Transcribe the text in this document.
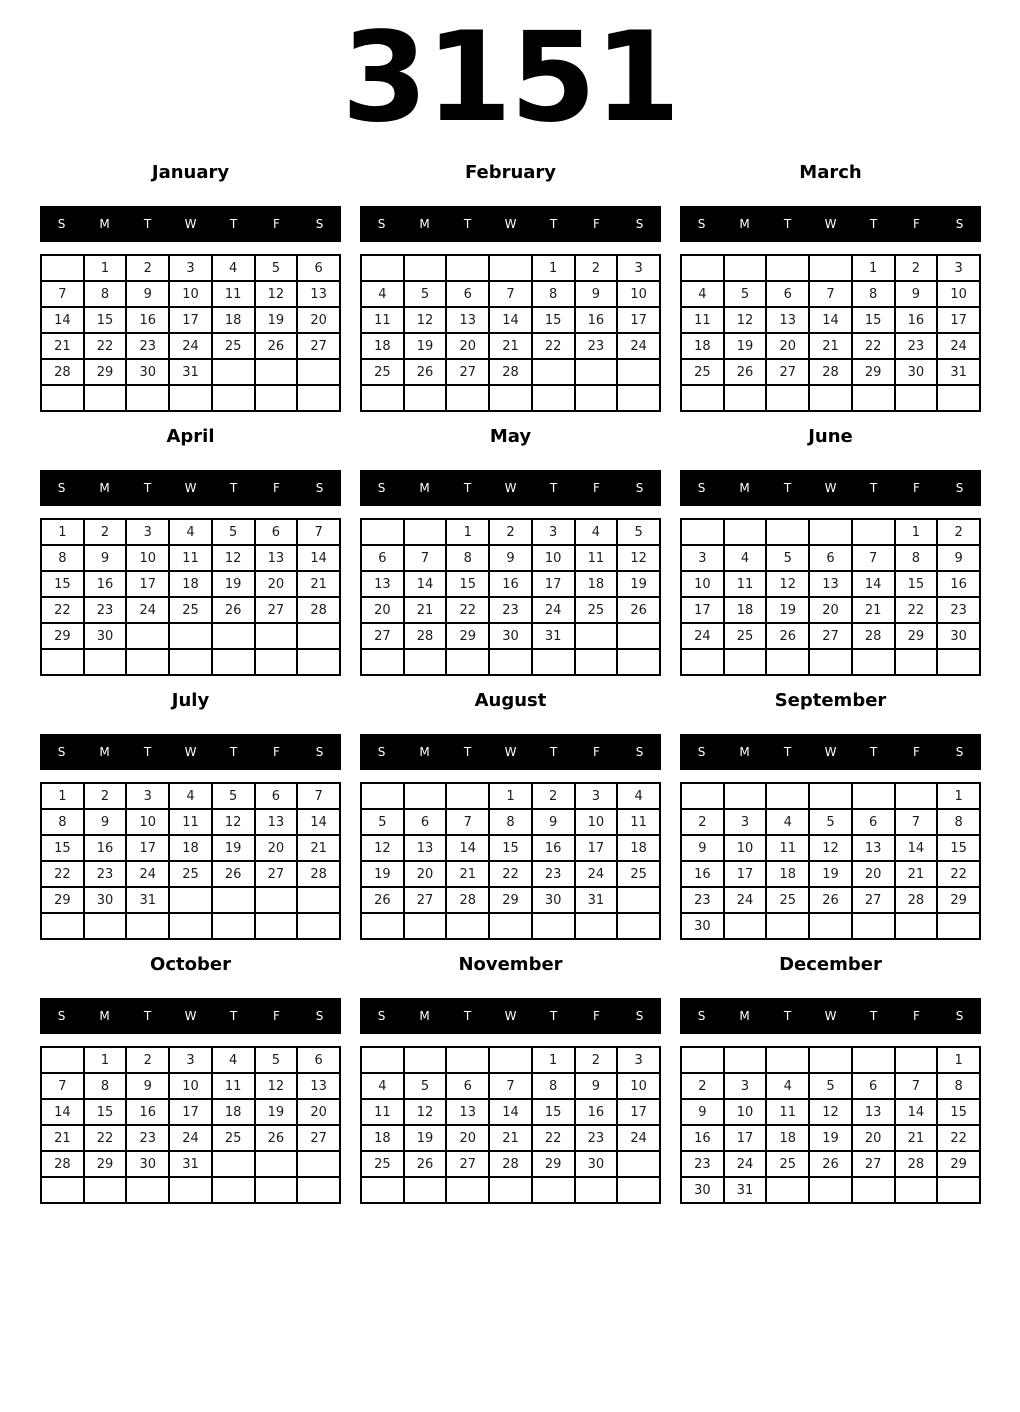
3151
January
S	M	T	W	T	F	S
	1	2	3	4	5	6
7	8	9	10	11	12	13
14	15	16	17	18	19	20
21	22	23	24	25	26	27
28	29	30	31			

February
S	M	T	W	T	F	S
				1	2	3
4	5	6	7	8	9	10
11	12	13	14	15	16	17
18	19	20	21	22	23	24
25	26	27	28			

March
S	M	T	W	T	F	S
				1	2	3
4	5	6	7	8	9	10
11	12	13	14	15	16	17
18	19	20	21	22	23	24
25	26	27	28	29	30	31

April
S	M	T	W	T	F	S
1	2	3	4	5	6	7
8	9	10	11	12	13	14
15	16	17	18	19	20	21
22	23	24	25	26	27	28
29	30					

May
S	M	T	W	T	F	S
		1	2	3	4	5
6	7	8	9	10	11	12
13	14	15	16	17	18	19
20	21	22	23	24	25	26
27	28	29	30	31		

June
S	M	T	W	T	F	S
					1	2
3	4	5	6	7	8	9
10	11	12	13	14	15	16
17	18	19	20	21	22	23
24	25	26	27	28	29	30

July
S	M	T	W	T	F	S
1	2	3	4	5	6	7
8	9	10	11	12	13	14
15	16	17	18	19	20	21
22	23	24	25	26	27	28
29	30	31				

August
S	M	T	W	T	F	S
			1	2	3	4
5	6	7	8	9	10	11
12	13	14	15	16	17	18
19	20	21	22	23	24	25
26	27	28	29	30	31	

September
S	M	T	W	T	F	S
						1
2	3	4	5	6	7	8
9	10	11	12	13	14	15
16	17	18	19	20	21	22
23	24	25	26	27	28	29
30						
October
S	M	T	W	T	F	S
	1	2	3	4	5	6
7	8	9	10	11	12	13
14	15	16	17	18	19	20
21	22	23	24	25	26	27
28	29	30	31			

November
S	M	T	W	T	F	S
				1	2	3
4	5	6	7	8	9	10
11	12	13	14	15	16	17
18	19	20	21	22	23	24
25	26	27	28	29	30	

December
S	M	T	W	T	F	S
						1
2	3	4	5	6	7	8
9	10	11	12	13	14	15
16	17	18	19	20	21	22
23	24	25	26	27	28	29
30	31					
